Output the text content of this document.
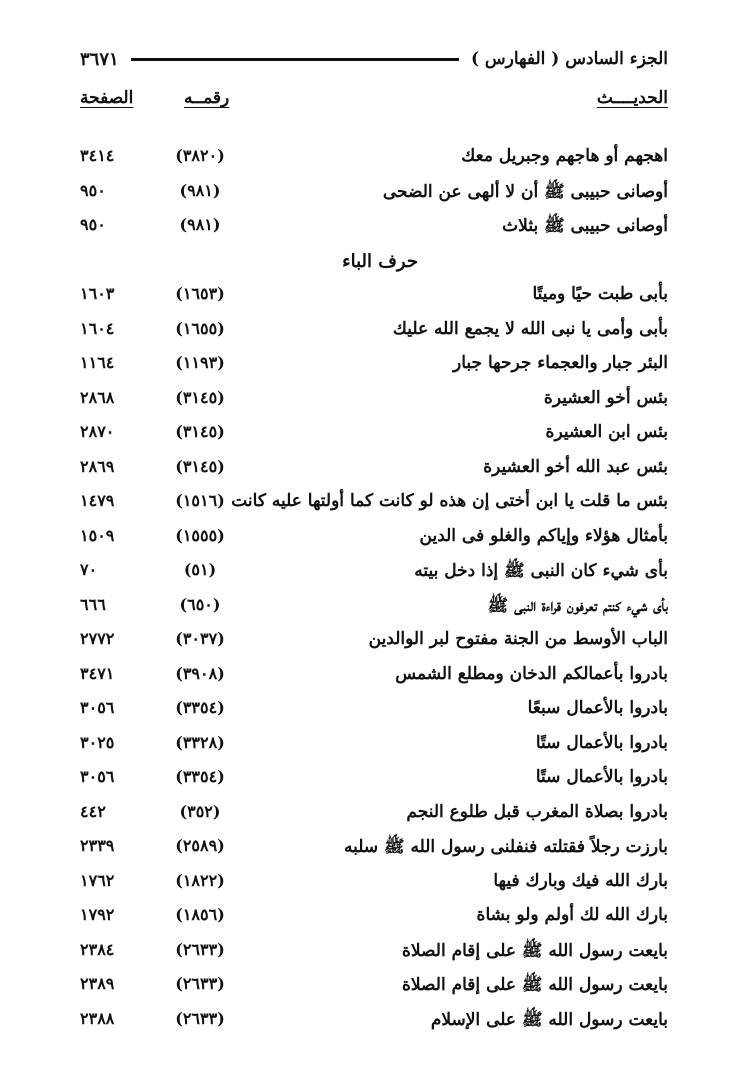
الجزء السادس ( الفهارس )
٣٦٧١
الحديــــث
رقمــه
الصفحة
اهجهم أو هاجهم وجبريل معك
(٣٨٢٠)
٣٤١٤
أوصانى حبيبى ﷺ أن لا ألهى عن الضحى
(٩٨١)
٩٥٠
أوصانى حبيبى ﷺ بثلاث
(٩٨١)
٩٥٠
حرف الباء
بأبى طبت حيًا وميتًا
(١٦٥٣)
١٦٠٣
بأبى وأمى يا نبى الله لا يجمع الله عليك
(١٦٥٥)
١٦٠٤
البئر جبار والعجماء جرحها جبار
(١١٩٣)
١١٦٤
بئس أخو العشيرة
(٣١٤٥)
٢٨٦٨
بئس ابن العشيرة
(٣١٤٥)
٢٨٧٠
بئس عبد الله أخو العشيرة
(٣١٤٥)
٢٨٦٩
بئس ما قلت يا ابن أختى إن هذه لو كانت كما أولتها عليه كانت
(١٥١٦)
١٤٧٩
بأمثال هؤلاء وإياكم والغلو فى الدين
(١٥٥٥)
١٥٠٩
بأى شيء كان النبى ﷺ إذا دخل بيته
(٥١)
٧٠
بأى شيء كنتم تعرفون قراءة النبى ﷺ
(٦٥٠)
٦٦٦
الباب الأوسط من الجنة مفتوح لبر الوالدين
(٣٠٣٧)
٢٧٧٢
بادروا بأعمالكم الدخان ومطلع الشمس
(٣٩٠٨)
٣٤٧١
بادروا بالأعمال سبعًا
(٣٣٥٤)
٣٠٥٦
بادروا بالأعمال ستًا
(٣٣٢٨)
٣٠٢٥
بادروا بالأعمال ستًا
(٣٣٥٤)
٣٠٥٦
بادروا بصلاة المغرب قبل طلوع النجم
(٣٥٢)
٤٤٢
بارزت رجلاً فقتلته فنفلنى رسول الله ﷺ سلبه
(٢٥٨٩)
٢٣٣٩
بارك الله فيك وبارك فيها
(١٨٢٢)
١٧٦٢
بارك الله لك أولم ولو بشاة
(١٨٥٦)
١٧٩٢
بايعت رسول الله ﷺ على إقام الصلاة
(٢٦٣٣)
٢٣٨٤
بايعت رسول الله ﷺ على إقام الصلاة
(٢٦٣٣)
٢٣٨٩
بايعت رسول الله ﷺ على الإسلام
(٢٦٣٣)
٢٣٨٨
